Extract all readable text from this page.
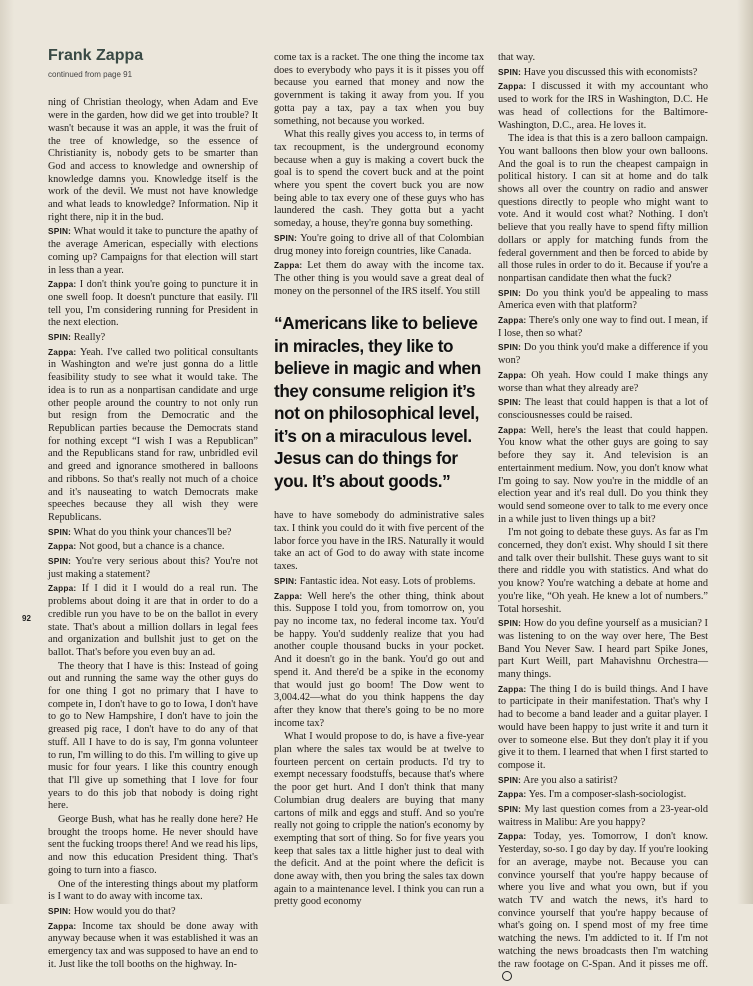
92
Frank Zappa
continued from page 91

ning of Christian theology, when Adam and Eve were in the garden, how did we get into trouble? It wasn't because it was an apple, it was the fruit of the tree of knowledge, so the essence of Christianity is, nobody gets to be smarter than God and access to knowledge and ownership of knowledge damns you. Knowledge itself is the work of the devil. We must not have knowledge and what leads to knowledge? Information. Nip it right there, nip it in the bud.

SPIN: What would it take to puncture the apathy of the average American, especially with elections coming up? Campaigns for that election will start in less than a year.

Zappa: I don't think you're going to puncture it in one swell foop. It doesn't puncture that easily. I'll tell you, I'm considering running for President in the next election.

SPIN: Really?

Zappa: Yeah. I've called two political consultants in Washington and we're just gonna do a little feasibility study to see what it would take. The idea is to run as a nonpartisan candidate and urge other people around the country to not only run but resign from the Democratic and the Republican parties because the Democrats stand for nothing except “I wish I was a Republican” and the Republicans stand for raw, unbridled evil and greed and ignorance smothered in balloons and ribbons. So that's really not much of a choice and it's nauseating to watch Democrats make speeches because they all wish they were Republicans.

SPIN: What do you think your chances'll be?

Zappa: Not good, but a chance is a chance.

SPIN: You're very serious about this? You're not just making a statement?

Zappa: If I did it I would do a real run. The problems about doing it are that in order to do a credible run you have to be on the ballot in every state. That's about a million dollars in legal fees and organization and bullshit just to get on the ballot. That's before you even buy an ad.

The theory that I have is this: Instead of going out and running the same way the other guys do for one thing I got no primary that I have to compete in, I don't have to go to Iowa, I don't have to go to New Hampshire, I don't have to join the greased pig race, I don't have to do any of that stuff. All I have to do is say, I'm gonna volunteer to run, I'm willing to do this. I'm willing to give up music for four years. I like this country enough that I'll give up something that I love for four years to do this job that nobody is doing right here.

George Bush, what has he really done here? He brought the troops home. He never should have sent the fucking troops there! And we read his lips, and now this education President thing. That's going to turn into a fiasco.

One of the interesting things about my platform is I want to do away with income tax.

SPIN: How would you do that?

Zappa: Income tax should be done away with anyway because when it was established it was an emergency tax and was supposed to have an end to it. Just like the toll booths on the highway. In-

come tax is a racket. The one thing the income tax does to everybody who pays it is it pisses you off because you earned that money and now the government is taking it away from you. If you gotta pay a tax, pay a tax when you buy something, not because you worked.

What this really gives you access to, in terms of tax recoupment, is the underground economy because when a guy is making a covert buck the goal is to spend the covert buck and at the point where you spent the covert buck you are now being able to tax every one of these guys who has laundered the cash. They gotta but a yacht someday, a house, they're gonna buy something.

SPIN: You're going to drive all of that Colombian drug money into foreign countries, like Canada.

Zappa: Let them do away with the income tax. The other thing is you would save a great deal of money on the personnel of the IRS itself. You still

“Americans like to believe in miracles, they like to believe in magic and when they consume religion it’s not on philosophical level, it’s on a miraculous level. Jesus can do things for you. It’s about goods.”

have to have somebody do administrative sales tax. I think you could do it with five percent of the labor force you have in the IRS. Naturally it would take an act of God to do away with state income taxes.

SPIN: Fantastic idea. Not easy. Lots of problems.

Zappa: Well here's the other thing, think about this. Suppose I told you, from tomorrow on, you pay no income tax, no federal income tax. You'd be happy. You'd suddenly realize that you had another couple thousand bucks in your pocket. And it doesn't go in the bank. You'd go out and spend it. And there'd be a spike in the economy that would just go boom! The Dow went to 3,004.42—what do you think happens the day after they know that there's going to be no more income tax?

What I would propose to do, is have a five-year plan where the sales tax would be at twelve to fourteen percent on certain products. I'd try to exempt necessary foodstuffs, because that's where the poor get hurt. And I don't think that many Columbian drug dealers are buying that many cartons of milk and eggs and stuff. And so you're really not going to cripple the nation's economy by exempting that sort of thing. So for five years you keep that sales tax a little higher just to deal with the deficit. And at the point where the deficit is done away with, then you bring the sales tax down again to a maintenance level. I think you can run a pretty good economy

that way.

SPIN: Have you discussed this with economists?

Zappa: I discussed it with my accountant who used to work for the IRS in Washington, D.C. He was head of collections for the Baltimore-Washington, D.C., area. He loves it.

The idea is that this is a zero balloon campaign. You want balloons then blow your own balloons. And the goal is to run the cheapest campaign in political history. I can sit at home and do talk shows all over the country on radio and answer questions directly to people who might want to vote. And it would cost what? Nothing. I don't believe that you really have to spend fifty million dollars or apply for matching funds from the federal government and then be forced to abide by all those rules in order to do it. Because if you're a nonpartisan candidate then what the fuck?

SPIN: Do you think you'd be appealing to mass America even with that platform?

Zappa: There's only one way to find out. I mean, if I lose, then so what?

SPIN: Do you think you'd make a difference if you won?

Zappa: Oh yeah. How could I make things any worse than what they already are?

SPIN: The least that could happen is that a lot of consciousnesses could be raised.

Zappa: Well, here's the least that could happen. You know what the other guys are going to say before they say it. And television is an entertainment medium. Now, you don't know what I'm going to say. Now you're in the middle of an election year and it's real dull. Do you think they would send someone over to talk to me every once in a while just to liven things up a bit?

I'm not going to debate these guys. As far as I'm concerned, they don't exist. Why should I sit there and talk over their bullshit. These guys want to sit there and riddle you with statistics. And what do you know? You're watching a debate at home and you're like, “Oh yeah. He knew a lot of numbers.” Total horseshit.

SPIN: How do you define yourself as a musician? I was listening to on the way over here, The Best Band You Never Saw. I heard part Spike Jones, part Kurt Weill, part Mahavishnu Orchestra—many things.

Zappa: The thing I do is build things. And I have to participate in their manifestation. That's why I had to become a band leader and a guitar player. I would have been happy to just write it and turn it over to someone else. But they don't play it if you give it to them. I learned that when I first started to compose it.

SPIN: Are you also a satirist?

Zappa: Yes. I'm a composer-slash-sociologist.

SPIN: My last question comes from a 23-year-old waitress in Malibu: Are you happy?

Zappa: Today, yes. Tomorrow, I don't know. Yesterday, so-so. I go day by day. If you're looking for an average, maybe not. Because you can convince yourself that you're happy because of where you live and what you own, but if you watch TV and watch the news, it's hard to convince yourself that you're happy because of what's going on. I spend most of my free time watching the news. I'm addicted to it. If I'm not watching the news broadcasts then I'm watching the raw footage on C-Span. And it pisses me off.
